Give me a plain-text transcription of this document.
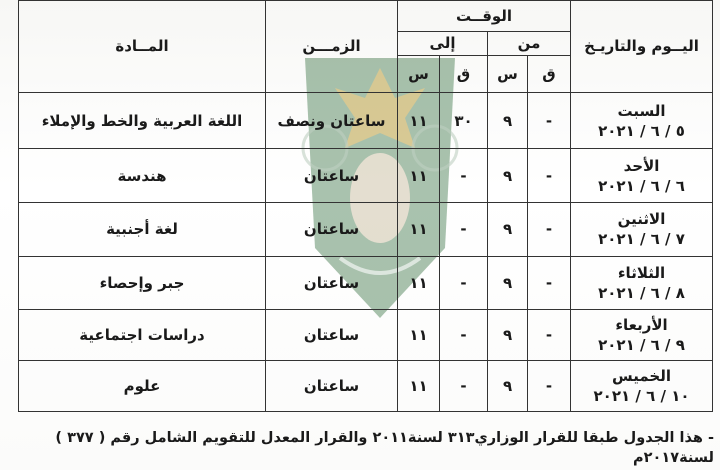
اليــوم والتاريـخ	الوقــت				الزمـــن	المــادة
	من		إلى			
	ق	س	ق	س		

السبت
٥ / ٦ / ٢٠٢١	-	٩	٣٠	١١	ساعتان ونصف	اللغة العربية والخط والإملاء

الأحد
٦ / ٦ / ٢٠٢١	-	٩	-	١١	ساعتان	هندسة

الاثنين
٧ / ٦ / ٢٠٢١	-	٩	-	١١	ساعتان	لغة أجنبية

الثلاثاء
٨ / ٦ / ٢٠٢١	-	٩	-	١١	ساعتان	جبر وإحصاء

الأربعاء
٩ / ٦ / ٢٠٢١	-	٩	-	١١	ساعتان	دراسات اجتماعية

الخميس
١٠ / ٦ / ٢٠٢١	-	٩	-	١١	ساعتان	علوم
- هذا الجدول طبقا للقرار الوزاري٣١٣ لسنة٢٠١١ والقرار المعدل للتقويم الشامل رقم ( ٣٧٧ ) لسنة٢٠١٧م
